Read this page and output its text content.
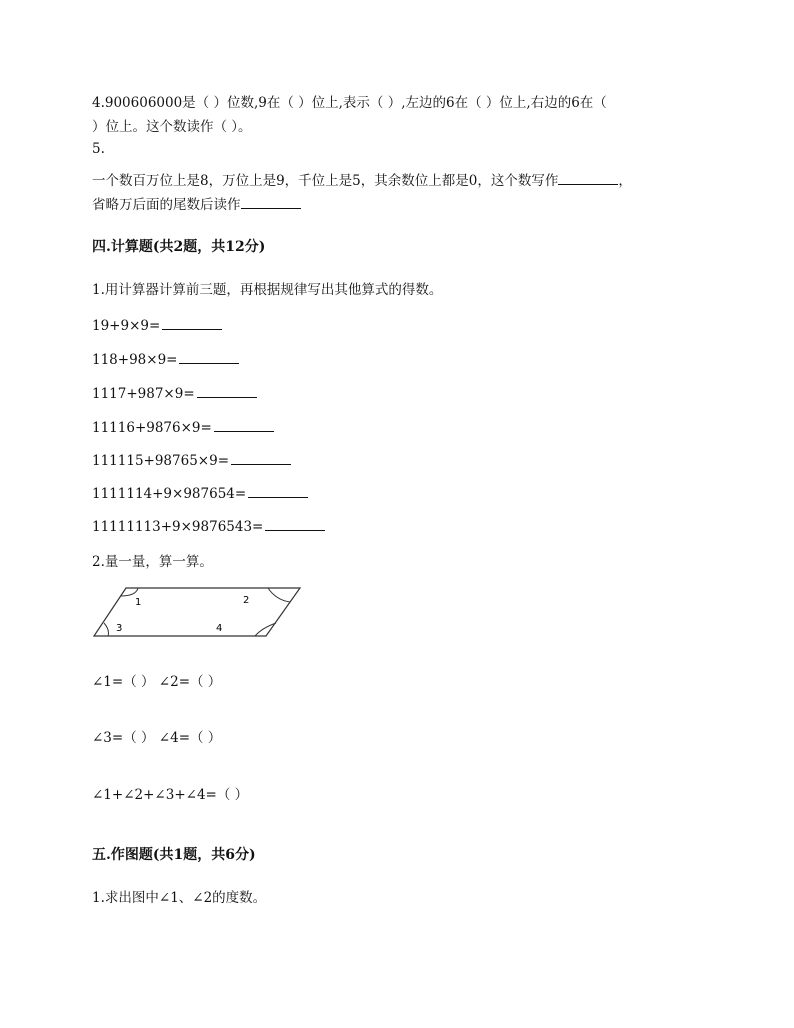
4.900606000是（ ）位数,9在（ ）位上,表示（ ）,左边的6在（ ）位上,右边的6在（
）位上。这个数读作（ ）。
5.
一个数百万位上是8，万位上是9，千位上是5，其余数位上都是0，这个数写作	，
省略万后面的尾数后读作
四.计算题(共2题，共12分)
1.用计算器计算前三题，再根据规律写出其他算式的得数。
19+9×9=
118+98×9=
1117+987×9=
11116+9876×9=
111115+98765×9=
1111114+9×987654=
11111113+9×9876543=
2.量一量，算一算。
1	2
3	4
∠1=（ ） ∠2=（ ）
∠3=（ ） ∠4=（ ）
∠1+∠2+∠3+∠4=（ ）
五.作图题(共1题，共6分)
1.求出图中∠1、∠2的度数。
